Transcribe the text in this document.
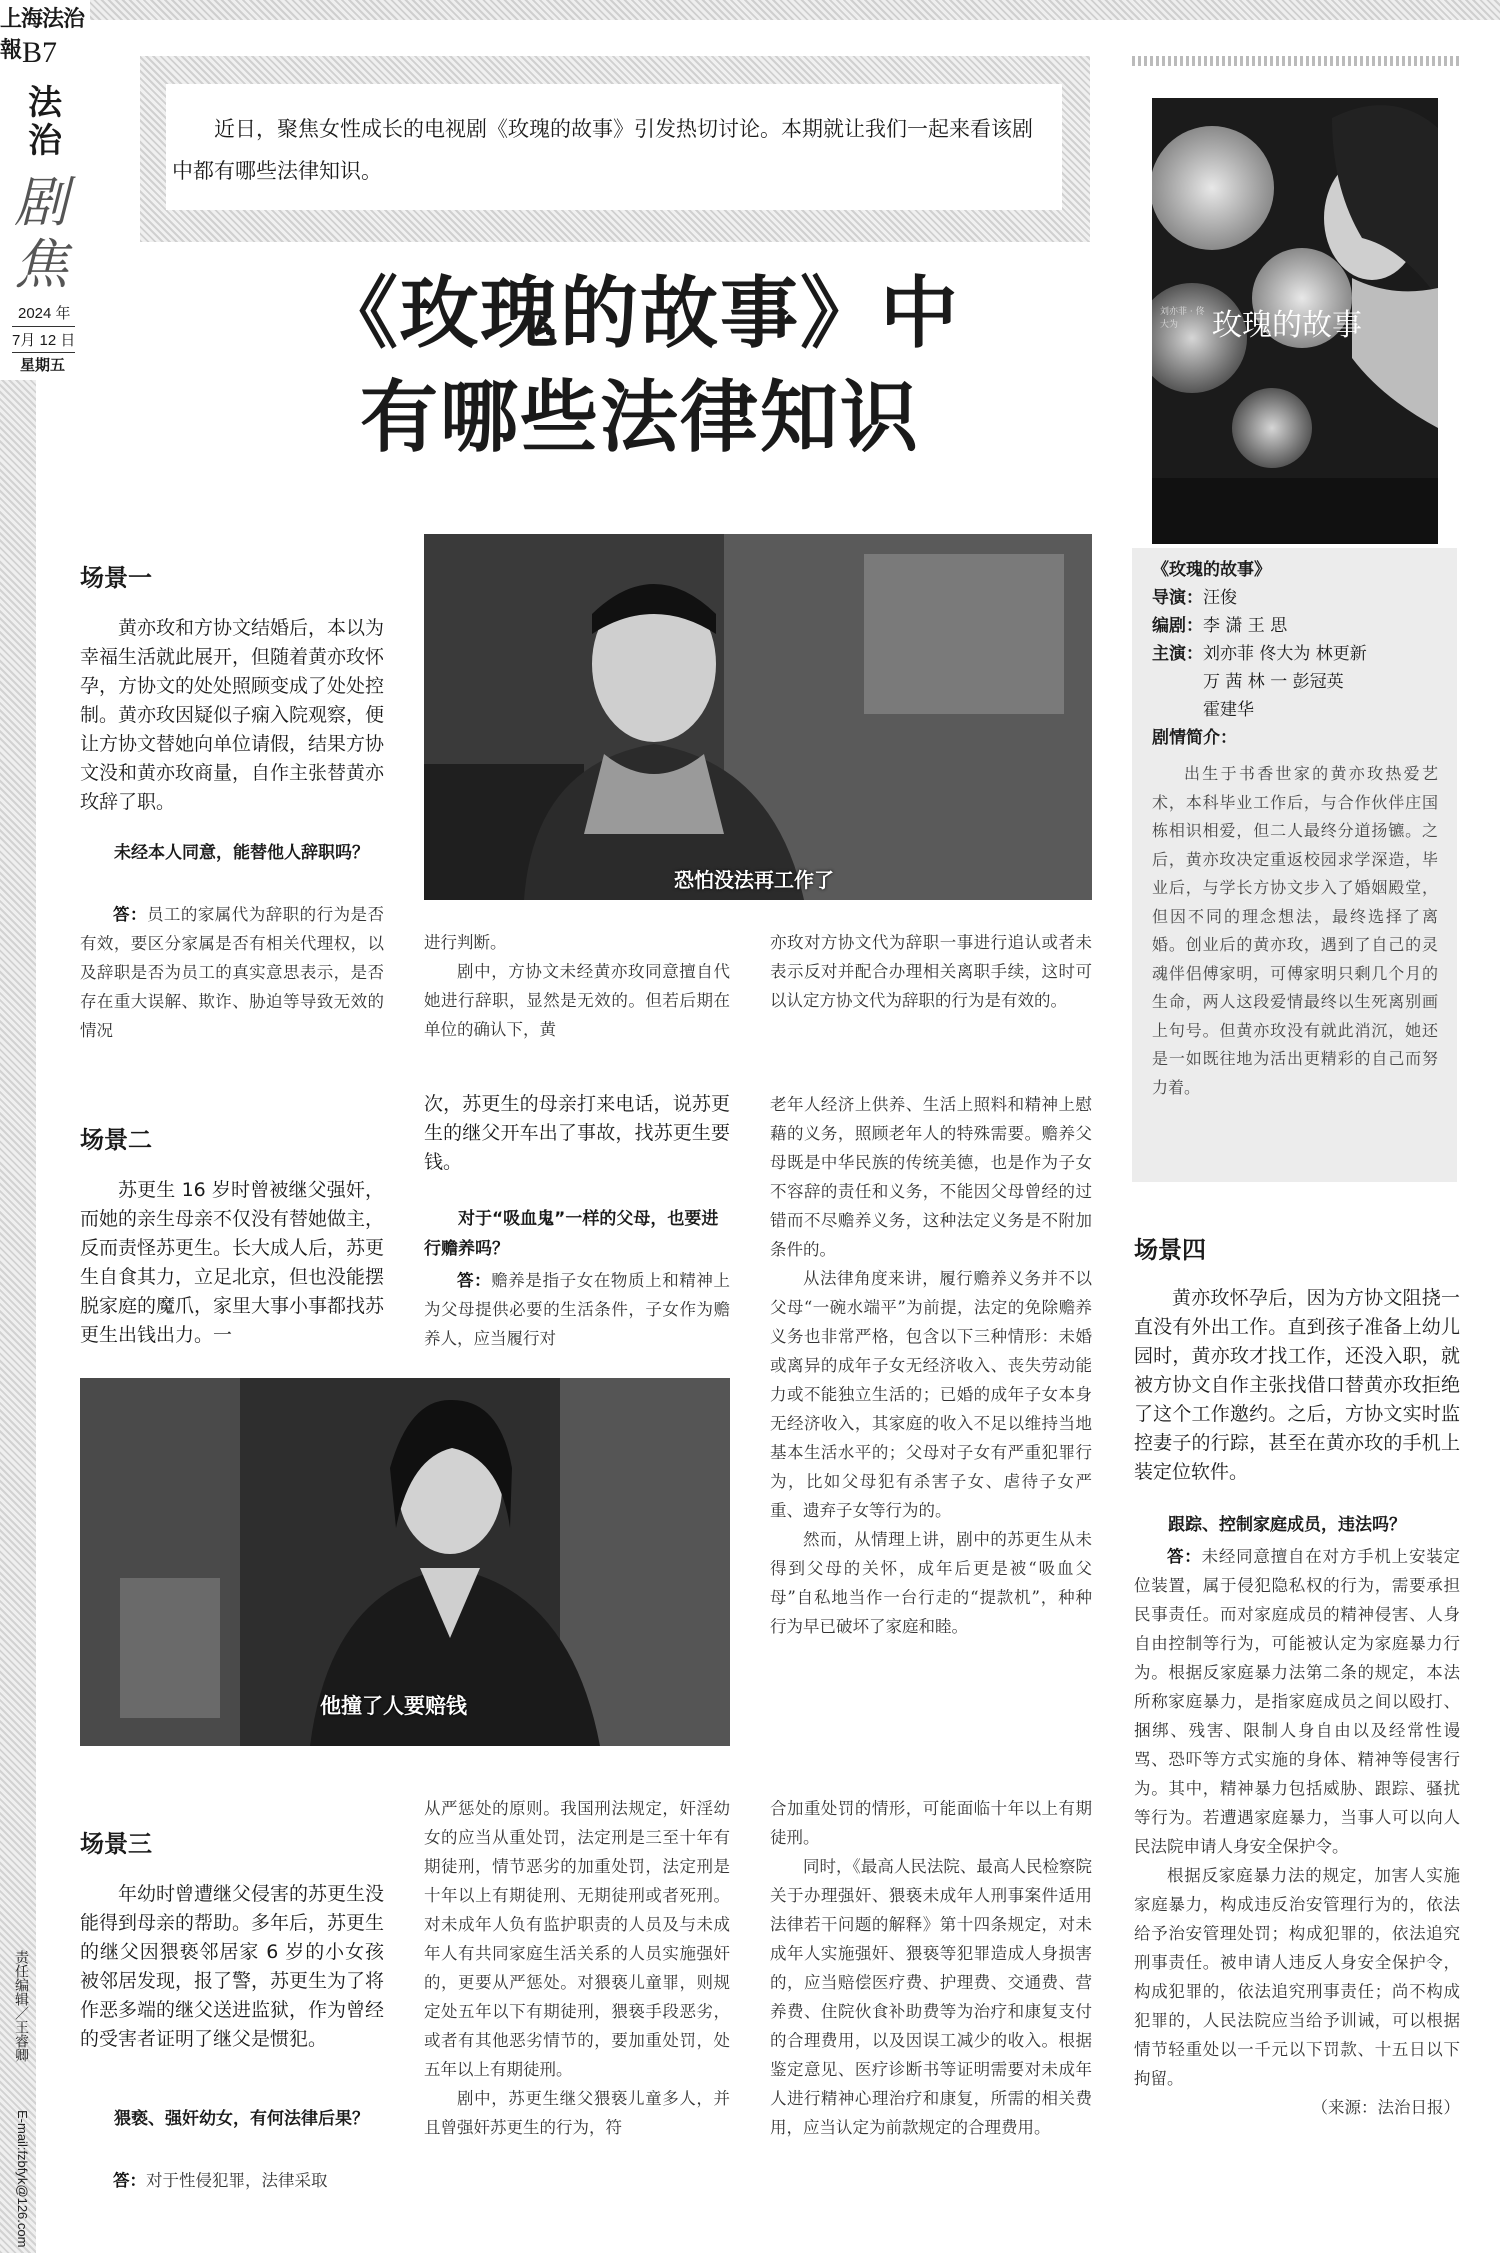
上海法治報 B7
法治
剧焦
2024 年
7月 12 日
星期五
近日，聚焦女性成长的电视剧《玫瑰的故事》引发热切讨论。本期就让我们一起来看该剧中都有哪些法律知识。
《玫瑰的故事》中
有哪些法律知识
玫瑰的故事
刘亦菲 · 佟大为
《玫瑰的故事》
导演：汪俊
编剧：李 潇 王 思
主演：刘亦菲 佟大为 林更新
万 茜 林 一 彭冠英
霍建华
剧情简介：
出生于书香世家的黄亦玫热爱艺术，本科毕业工作后，与合作伙伴庄国栋相识相爱，但二人最终分道扬镳。之后，黄亦玫决定重返校园求学深造，毕业后，与学长方协文步入了婚姻殿堂，但因不同的理念想法，最终选择了离婚。创业后的黄亦玫，遇到了自己的灵魂伴侣傅家明，可傅家明只剩几个月的生命，两人这段爱情最终以生死离别画上句号。但黄亦玫没有就此消沉，她还是一如既往地为活出更精彩的自己而努力着。
场景一
黄亦玫和方协文结婚后，本以为幸福生活就此展开，但随着黄亦玫怀孕，方协文的处处照顾变成了处处控制。黄亦玫因疑似子痫入院观察，便让方协文替她向单位请假，结果方协文没和黄亦玫商量，自作主张替黄亦玫辞了职。
未经本人同意，能替他人辞职吗？

答：员工的家属代为辞职的行为是否有效，要区分家属是否有相关代理权，以及辞职是否为员工的真实意思表示，是否存在重大误解、欺诈、胁迫等导致无效的情况

恐怕没法再工作了

进行判断。

剧中，方协文未经黄亦玫同意擅自代她进行辞职，显然是无效的。但若后期在单位的确认下，黄

亦玫对方协文代为辞职一事进行追认或者未表示反对并配合办理相关离职手续，这时可以认定方协文代为辞职的行为是有效的。

场景二
苏更生 16 岁时曾被继父强奸，而她的亲生母亲不仅没有替她做主，反而责怪苏更生。长大成人后，苏更生自食其力，立足北京，但也没能摆脱家庭的魔爪，家里大事小事都找苏更生出钱出力。一
次，苏更生的母亲打来电话，说苏更生的继父开车出了事故，找苏更生要钱。
对于“吸血鬼”一样的父母，也要进行赡养吗？

答：赡养是指子女在物质上和精神上为父母提供必要的生活条件，子女作为赡养人，应当履行对

他撞了人要赔钱

老年人经济上供养、生活上照料和精神上慰藉的义务，照顾老年人的特殊需要。赡养父母既是中华民族的传统美德，也是作为子女不容辞的责任和义务，不能因父母曾经的过错而不尽赡养义务，这种法定义务是不附加条件的。

从法律角度来讲，履行赡养义务并不以父母“一碗水端平”为前提，法定的免除赡养义务也非常严格，包含以下三种情形：未婚或离异的成年子女无经济收入、丧失劳动能力或不能独立生活的；已婚的成年子女本身无经济收入，其家庭的收入不足以维持当地基本生活水平的；父母对子女有严重犯罪行为，比如父母犯有杀害子女、虐待子女严重、遗弃子女等行为的。

然而，从情理上讲，剧中的苏更生从未得到父母的关怀，成年后更是被“吸血父母”自私地当作一台行走的“提款机”，种种行为早已破坏了家庭和睦。

场景三
年幼时曾遭继父侵害的苏更生没能得到母亲的帮助。多年后，苏更生的继父因猥亵邻居家 6 岁的小女孩被邻居发现，报了警，苏更生为了将作恶多端的继父送进监狱，作为曾经的受害者证明了继父是惯犯。
猥亵、强奸幼女，有何法律后果？

答：对于性侵犯罪，法律采取

从严惩处的原则。我国刑法规定，奸淫幼女的应当从重处罚，法定刑是三至十年有期徒刑，情节恶劣的加重处罚，法定刑是十年以上有期徒刑、无期徒刑或者死刑。对未成年人负有监护职责的人员及与未成年人有共同家庭生活关系的人员实施强奸的，更要从严惩处。对猥亵儿童罪，则规定处五年以下有期徒刑，猥亵手段恶劣，或者有其他恶劣情节的，要加重处罚，处五年以上有期徒刑。

剧中，苏更生继父猥亵儿童多人，并且曾强奸苏更生的行为，符

合加重处罚的情形，可能面临十年以上有期徒刑。

同时，《最高人民法院、最高人民检察院关于办理强奸、猥亵未成年人刑事案件适用法律若干问题的解释》第十四条规定，对未成年人实施强奸、猥亵等犯罪造成人身损害的，应当赔偿医疗费、护理费、交通费、营养费、住院伙食补助费等为治疗和康复支付的合理费用，以及因误工减少的收入。根据鉴定意见、医疗诊断书等证明需要对未成年人进行精神心理治疗和康复，所需的相关费用，应当认定为前款规定的合理费用。

场景四
黄亦玫怀孕后，因为方协文阻挠一直没有外出工作。直到孩子准备上幼儿园时，黄亦玫才找工作，还没入职，就被方协文自作主张找借口替黄亦玫拒绝了这个工作邀约。之后，方协文实时监控妻子的行踪，甚至在黄亦玫的手机上装定位软件。
跟踪、控制家庭成员，违法吗？

答：未经同意擅自在对方手机上安装定位装置，属于侵犯隐私权的行为，需要承担民事责任。而对家庭成员的精神侵害、人身自由控制等行为，可能被认定为家庭暴力行为。根据反家庭暴力法第二条的规定，本法所称家庭暴力，是指家庭成员之间以殴打、捆绑、残害、限制人身自由以及经常性谩骂、恐吓等方式实施的身体、精神等侵害行为。其中，精神暴力包括威胁、跟踪、骚扰等行为。若遭遇家庭暴力，当事人可以向人民法院申请人身安全保护令。

根据反家庭暴力法的规定，加害人实施家庭暴力，构成违反治安管理行为的，依法给予治安管理处罚；构成犯罪的，依法追究刑事责任。被申请人违反人身安全保护令，构成犯罪的，依法追究刑事责任；尚不构成犯罪的，人民法院应当给予训诫，可以根据情节轻重处以一千元以下罚款、十五日以下拘留。

（来源：法治日报）

责任编辑／王睿卿
E-mail:fzbfyk@126.com
